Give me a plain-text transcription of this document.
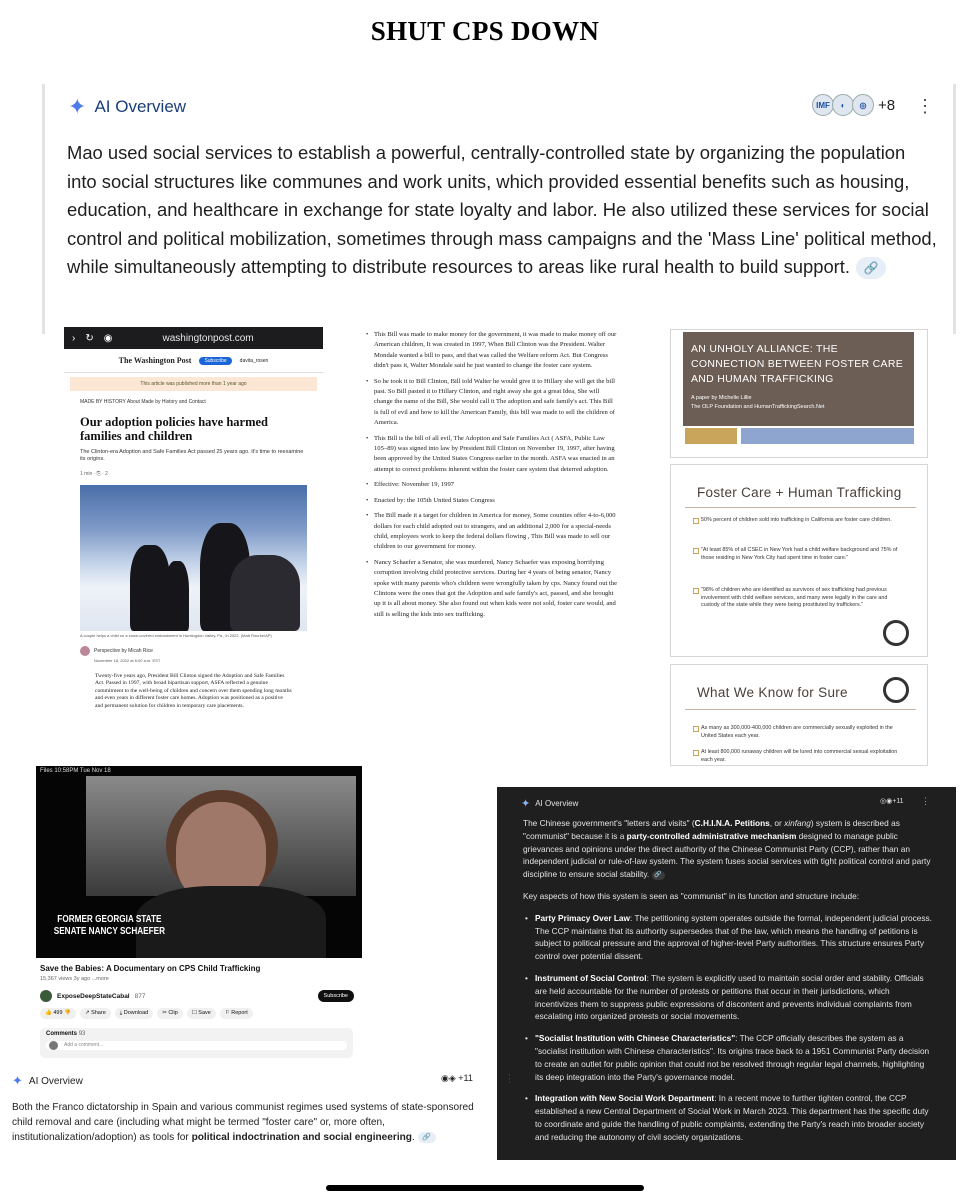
SHUT CPS DOWN
✦ AI Overview	IMF	◐	◎ +8 ⋮
Mao used social services to establish a powerful, centrally-controlled state by organizing the population into social structures like communes and work units, which provided essential benefits such as housing, education, and healthcare in exchange for state loyalty and labor. He also utilized these services for social control and political mobilization, sometimes through mass campaigns and the 'Mass Line' political method, while simultaneously attempting to distribute resources to areas like rural health to build support. 🔗
› ↻ ◉	washingtonpost.com
The Washington Post	Subscribe	davita_rosen
This article was published more than 1 year ago
MADE BY HISTORY About Made by History and Contact
Our adoption policies have harmed families and children
The Clinton-era Adoption and Safe Families Act passed 25 years ago. It's time to reexamine its origins.
1 min · ⎘ · 2
A couple helps a child on a snow-covered embankment in Huntingdon Valley, Pa., in 2022. (Matt Rourke/AP)
Perspective by Micah Rice
November 18, 2022 at 6:00 a.m. EST
Twenty-five years ago, President Bill Clinton signed the Adoption and Safe Families Act. Passed in 1997, with broad bipartisan support, ASFA reflected a genuine commitment to the well-being of children and concern over them spending long months and even years in different foster care homes. Adoption was positioned as a positive and permanent solution for children in temporary care placements.
• This Bill was made to make money for the government, it was made to make money off our American children, It was created in 1997, When Bill Clinton was the President. Walter Mondale wanted a bill to pass, and that was called the Welfare reform Act. But Congress didn't pass it, Walter Mondale said he just wanted to change the foster care system.
• So he took it to Bill Clinton, Bill told Walter he would give it to Hillary she will get the bill past. So Bill pasted it to Hillary Clinton, and right away she got a great Idea, She will change the name of the Bill, She would call it The adoption and safe family's act. This Bill is full of evil and how to kill the American Family, this bill was made to sell the children of America.
• This Bill is the bill of all evil, The Adoption and Safe Families Act ( ASFA, Public Law 105–89) was signed into law by President Bill Clinton on November 19, 1997, after having been approved by the United States Congress earlier in the month. ASFA was enacted in an attempt to correct problems inherent within the foster care system that deterred adoption.
• Effective: November 19, 1997
• Enacted by: the 105th United States Congress
• The Bill made it a target for children in America for money, Some counties offer 4-to-6,000 dollars for each child adopted out to strangers, and an additional 2,000 for a special-needs child, employees work to keep the federal dollars flowing , This Bill was made to sell our children to our government for money.
• Nancy Schaefer a Senator, she was murdered, Nancy Schaefer was exposing horrifying corruption involving child protective services. During her 4 years of being senator, Nancy spoke with many parents who's children were wrongfully taken by cps. Nancy found out the Clintons were the ones that got the Adoption and safe family's act, passed, and she brought up it is all about money. She also found out when kids were not sold, foster care would, and still is selling the kids into sex trafficking.
AN UNHOLY ALLIANCE: THE CONNECTION BETWEEN FOSTER CARE AND HUMAN TRAFFICKING
A paper by Michelle Lillie
The OLP Foundation and HumanTraffickingSearch.Net
Foster Care + Human Trafficking
50% percent of children sold into trafficking in California are foster care children.
"At least 85% of all CSEC in New York had a child welfare background and 75% of those residing in New York City had spent time in foster care."
"98% of children who are identified as survivors of sex trafficking had previous involvement with child welfare services, and many were legally in the care and custody of the state while they were being prostituted by traffickers."
What We Know for Sure
As many as 300,000-400,000 children are commercially sexually exploited in the United States each year.
At least 800,000 runaway children will be lured into commercial sexual exploitation each year.
Files 10:58PM Tue Nov 18
FORMER GEORGIA STATE SENATE NANCY SCHAEFER
Save the Babies: A Documentary on CPS Child Trafficking
15,367 views 3y ago ...more
ExposeDeepStateCabal 877	Subscribe
👍 499 👎	↗ Share	⤓ Download	✂ Clip	☐ Save	⚐ Report
Comments 93
Add a comment...
✦ AI Overview	◎◉+11 ⋮

The Chinese government's "letters and visits" (C.H.I.N.A. Petitions, or xinfang) system is described as "communist" because it is a party-controlled administrative mechanism designed to manage public grievances and opinions under the direct authority of the Chinese Communist Party (CCP), rather than an independent judicial or rule-of-law system. The system fuses social services with tight political control and party discipline to ensure social stability. 🔗

Key aspects of how this system is seen as "communist" in its function and structure include:

• Party Primacy Over Law: The petitioning system operates outside the formal, independent judicial process. The CCP maintains that its authority supersedes that of the law, which means the handling of petitions is subject to political pressure and the approval of higher-level Party authorities. This structure ensures Party control over potential dissent.
• Instrument of Social Control: The system is explicitly used to maintain social order and stability. Officials are held accountable for the number of protests or petitions that occur in their jurisdictions, which incentivizes them to suppress public expressions of discontent and prevents individual complaints from escalating into organized protests or social movements.
• "Socialist Institution with Chinese Characteristics": The CCP officially describes the system as a "socialist institution with Chinese characteristics". Its origins trace back to a 1951 Communist Party decision to create an outlet for public opinion that could not be resolved through regular legal channels, highlighting its deep integration into the Party's governance model.
• Integration with New Social Work Department: In a recent move to further tighten control, the CCP established a new Central Department of Social Work in March 2023. This department has the specific duty to coordinate and guide the handling of public complaints, extending the Party's reach into broader society and reducing the autonomy of civil society organizations.
✦ AI Overview	◉◈ +11	⋮
Both the Franco dictatorship in Spain and various communist regimes used systems of state-sponsored child removal and care (including what might be termed "foster care" or, more often, institutionalization/adoption) as tools for political indoctrination and social engineering. 🔗
